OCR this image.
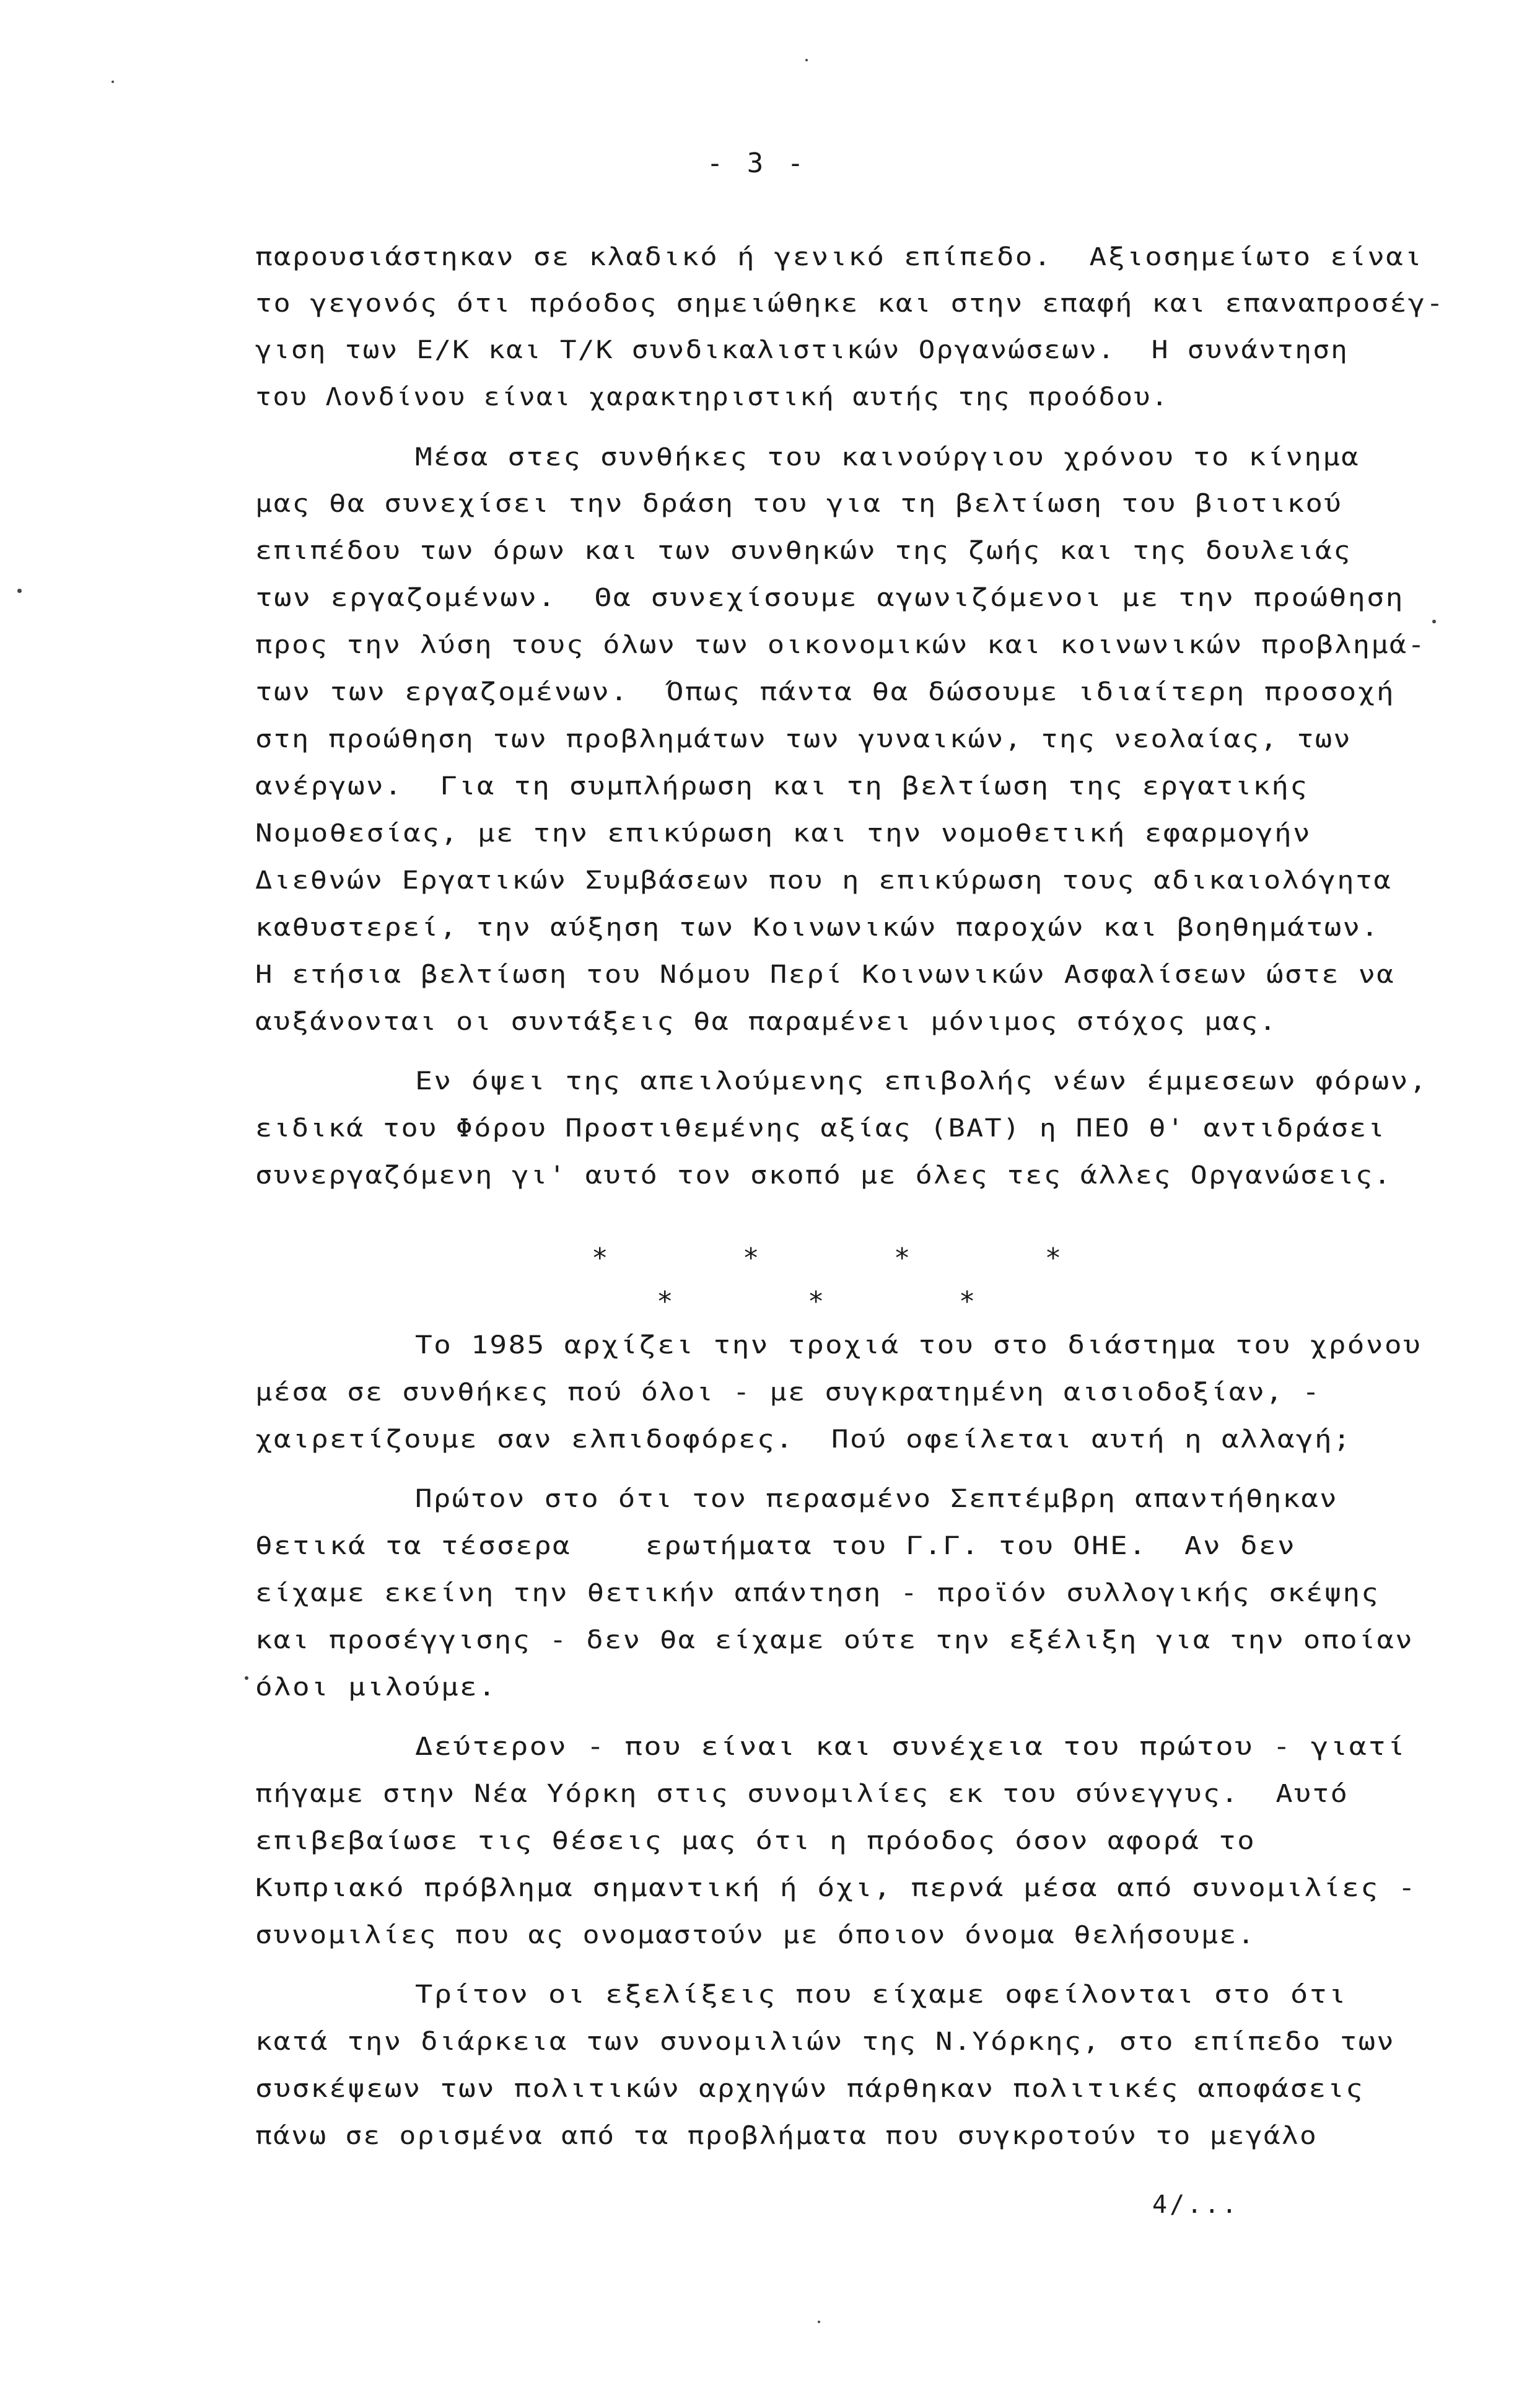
- 3 -
παρουσιάστηκαν σε κλαδικό ή γενικό επίπεδο.  Αξιοσημείωτο είναι
το γεγονός ότι πρόοδος σημειώθηκε και στην επαφή και επαναπροσέγ-
γιση των Ε/Κ και Τ/Κ συνδικαλιστικών Οργανώσεων.  Η συνάντηση
του Λονδίνου είναι χαρακτηριστική αυτής της προόδου.
Μέσα στες συνθήκες του καινούργιου χρόνου το κίνημα
μας θα συνεχίσει την δράση του για τη βελτίωση του βιοτικού
επιπέδου των όρων και των συνθηκών της ζωής και της δουλειάς
των εργαζομένων.  Θα συνεχίσουμε αγωνιζόμενοι με την προώθηση
προς την λύση τους όλων των οικονομικών και κοινωνικών προβλημά-
των των εργαζομένων.  Όπως πάντα θα δώσουμε ιδιαίτερη προσοχή
στη προώθηση των προβλημάτων των γυναικών, της νεολαίας, των
ανέργων.  Για τη συμπλήρωση και τη βελτίωση της εργατικής
Νομοθεσίας, με την επικύρωση και την νομοθετική εφαρμογήν
Διεθνών Εργατικών Συμβάσεων που η επικύρωση τους αδικαιολόγητα
καθυστερεί, την αύξηση των Κοινωνικών παροχών και βοηθημάτων.
Η ετήσια βελτίωση του Νόμου Περί Κοινωνικών Ασφαλίσεων ώστε να
αυξάνονται οι συντάξεις θα παραμένει μόνιμος στόχος μας.
Εν όψει της απειλούμενης επιβολής νέων έμμεσεων φόρων,
ειδικά του Φόρου Προστιθεμένης αξίας (ΒΑΤ) η ΠΕΟ θ' αντιδράσει
συνεργαζόμενη γι' αυτό τον σκοπό με όλες τες άλλες Οργανώσεις.
Το 1985 αρχίζει την τροχιά του στο διάστημα του χρόνου
μέσα σε συνθήκες πού όλοι - με συγκρατημένη αισιοδοξίαν, -
χαιρετίζουμε σαν ελπιδοφόρες.  Πού οφείλεται αυτή η αλλαγή;
Πρώτον στο ότι τον περασμένο Σεπτέμβρη απαντήθηκαν
θετικά τα τέσσερα    ερωτήματα του Γ.Γ. του ΟΗΕ.  Αν δεν
είχαμε εκείνη την θετικήν απάντηση - προϊόν συλλογικής σκέψης
και προσέγγισης - δεν θα είχαμε ούτε την εξέλιξη για την οποίαν
όλοι μιλούμε.
Δεύτερον - που είναι και συνέχεια του πρώτου - γιατί
πήγαμε στην Νέα Υόρκη στις συνομιλίες εκ του σύνεγγυς.  Αυτό
επιβεβαίωσε τις θέσεις μας ότι η πρόοδος όσον αφορά το
Κυπριακό πρόβλημα σημαντική ή όχι, περνά μέσα από συνομιλίες -
συνομιλίες που ας ονομαστούν με όποιον όνομα θελήσουμε.
Τρίτον οι εξελίξεις που είχαμε οφείλονται στο ότι
κατά την διάρκεια των συνομιλιών της Ν.Υόρκης, στο επίπεδο των
συσκέψεων των πολιτικών αρχηγών πάρθηκαν πολιτικές αποφάσεις
πάνω σε ορισμένα από τα προβλήματα που συγκροτούν το μεγάλο
*       *       *       *
*       *       *
4/...
